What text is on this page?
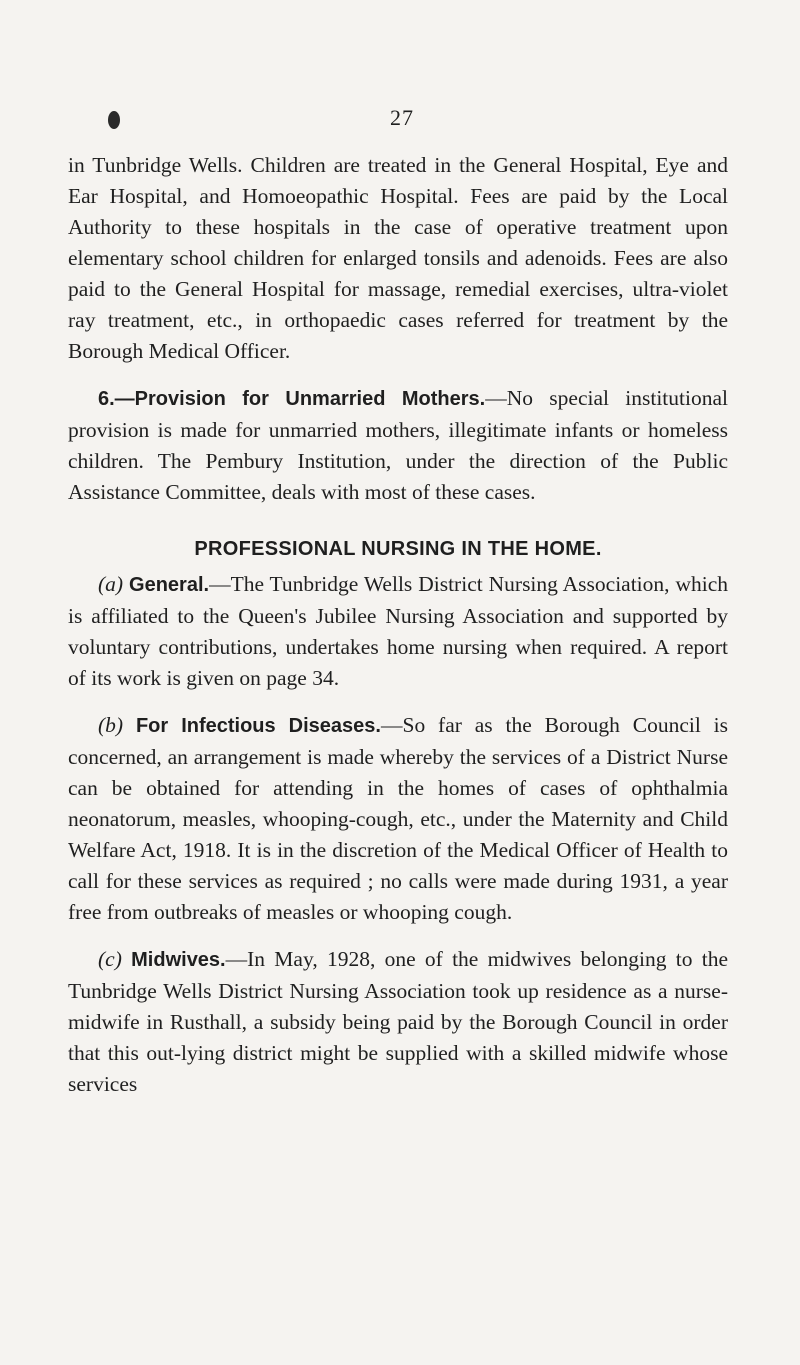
27

in Tunbridge Wells. Children are treated in the General Hospital, Eye and Ear Hospital, and Homoeopathic Hospital. Fees are paid by the Local Authority to these hospitals in the case of operative treatment upon elementary school children for enlarged tonsils and adenoids. Fees are also paid to the General Hospital for massage, remedial exercises, ultra-violet ray treatment, etc., in orthopaedic cases referred for treatment by the Borough Medical Officer.

6.—Provision for Unmarried Mothers.—No special institutional provision is made for unmarried mothers, illegitimate infants or homeless children. The Pembury Institution, under the direction of the Public Assistance Committee, deals with most of these cases.

PROFESSIONAL NURSING IN THE HOME.

(a) General.—The Tunbridge Wells District Nursing Association, which is affiliated to the Queen's Jubilee Nursing Association and supported by voluntary contributions, undertakes home nursing when required. A report of its work is given on page 34.

(b) For Infectious Diseases.—So far as the Borough Council is concerned, an arrangement is made whereby the services of a District Nurse can be obtained for attending in the homes of cases of ophthalmia neonatorum, measles, whooping-cough, etc., under the Maternity and Child Welfare Act, 1918. It is in the discretion of the Medical Officer of Health to call for these services as required ; no calls were made during 1931, a year free from outbreaks of measles or whooping cough.

(c) Midwives.—In May, 1928, one of the midwives belonging to the Tunbridge Wells District Nursing Association took up residence as a nurse-midwife in Rusthall, a subsidy being paid by the Borough Council in order that this out-lying district might be supplied with a skilled midwife whose services
